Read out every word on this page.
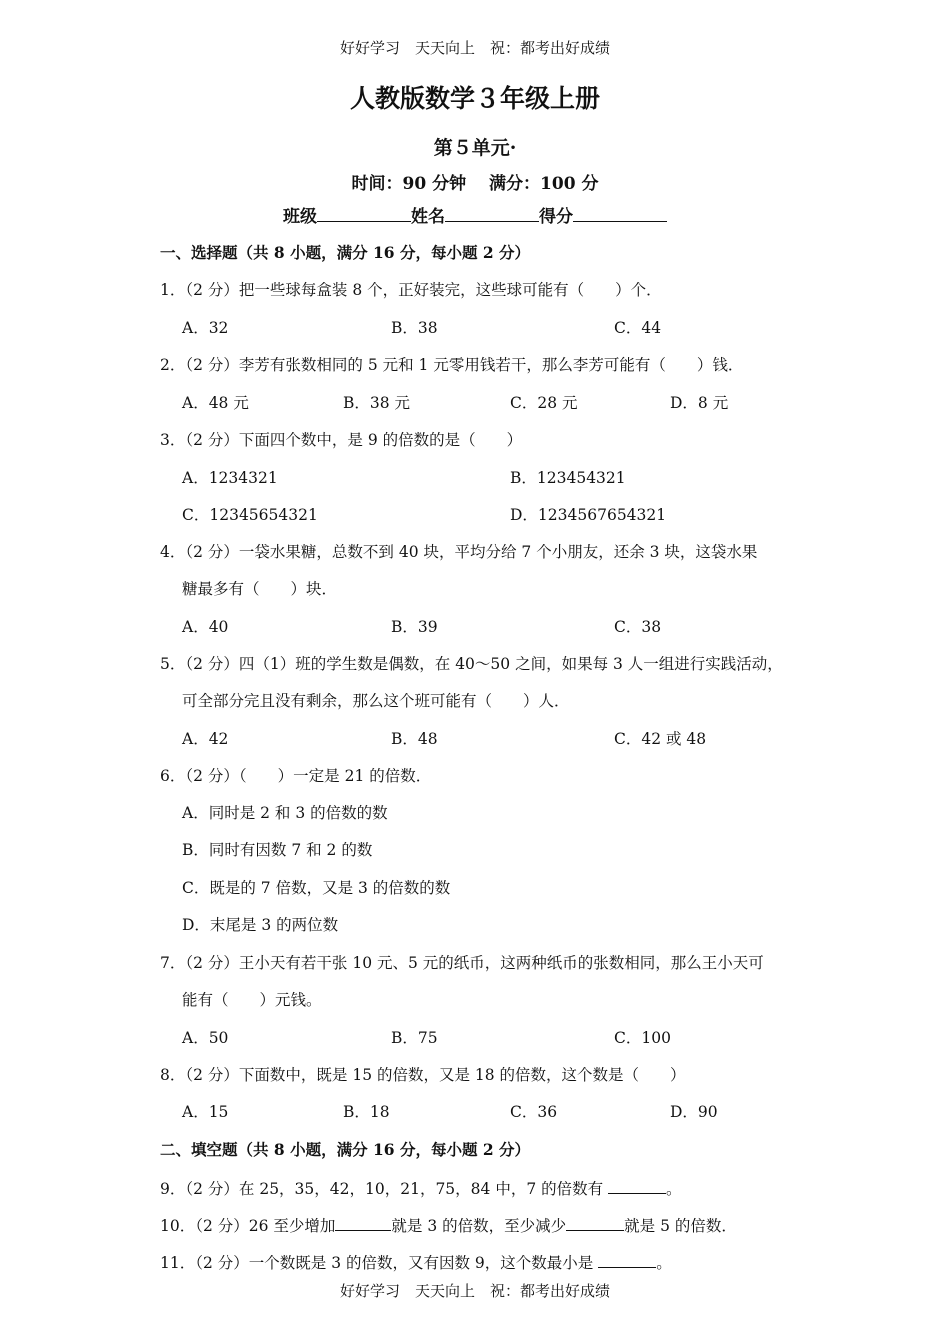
好好学习　天天向上　祝：都考出好成绩
人教版数学３年级上册
第５单元·
时间：90 分钟　 满分：100 分
班级	姓名	得分
一、选择题（共 8 小题，满分 16 分，每小题 2 分）
1．（2 分）把一些球每盒装 8 个，正好装完，这些球可能有（　　）个．
A．32	B．38	C．44
2．（2 分）李芳有张数相同的 5 元和 1 元零用钱若干，那么李芳可能有（　　）钱．
A．48 元	B．38 元	C．28 元	D．8 元
3．（2 分）下面四个数中，是 9 的倍数的是（　　）
A．1234321	B．123454321
C．12345654321	D．1234567654321
4．（2 分）一袋水果糖，总数不到 40 块，平均分给 7 个小朋友，还余 3 块，这袋水果
糖最多有（　　）块．
A．40	B．39	C．38
5．（2 分）四（1）班的学生数是偶数，在 40～50 之间，如果每 3 人一组进行实践活动，
可全部分完且没有剩余，那么这个班可能有（　　）人．
A．42	B．48	C．42 或 48
6．（2 分）（　　）一定是 21 的倍数．
A．同时是 2 和 3 的倍数的数
B．同时有因数 7 和 2 的数
C．既是的 7 倍数，又是 3 的倍数的数
D．末尾是 3 的两位数
7．（2 分）王小天有若干张 10 元、5 元的纸币，这两种纸币的张数相同，那么王小天可
能有（　　）元钱。
A．50	B．75	C．100
8．（2 分）下面数中，既是 15 的倍数，又是 18 的倍数，这个数是（　　）
A．15	B．18	C．36	D．90
二、填空题（共 8 小题，满分 16 分，每小题 2 分）
9．（2 分）在 25，35，42，10，21，75，84 中，7 的倍数有	。
10．（2 分）26 至少增加	就是 3 的倍数，至少减少	就是 5 的倍数．
11．（2 分）一个数既是 3 的倍数，又有因数 9，这个数最小是	。
好好学习　天天向上　祝：都考出好成绩
